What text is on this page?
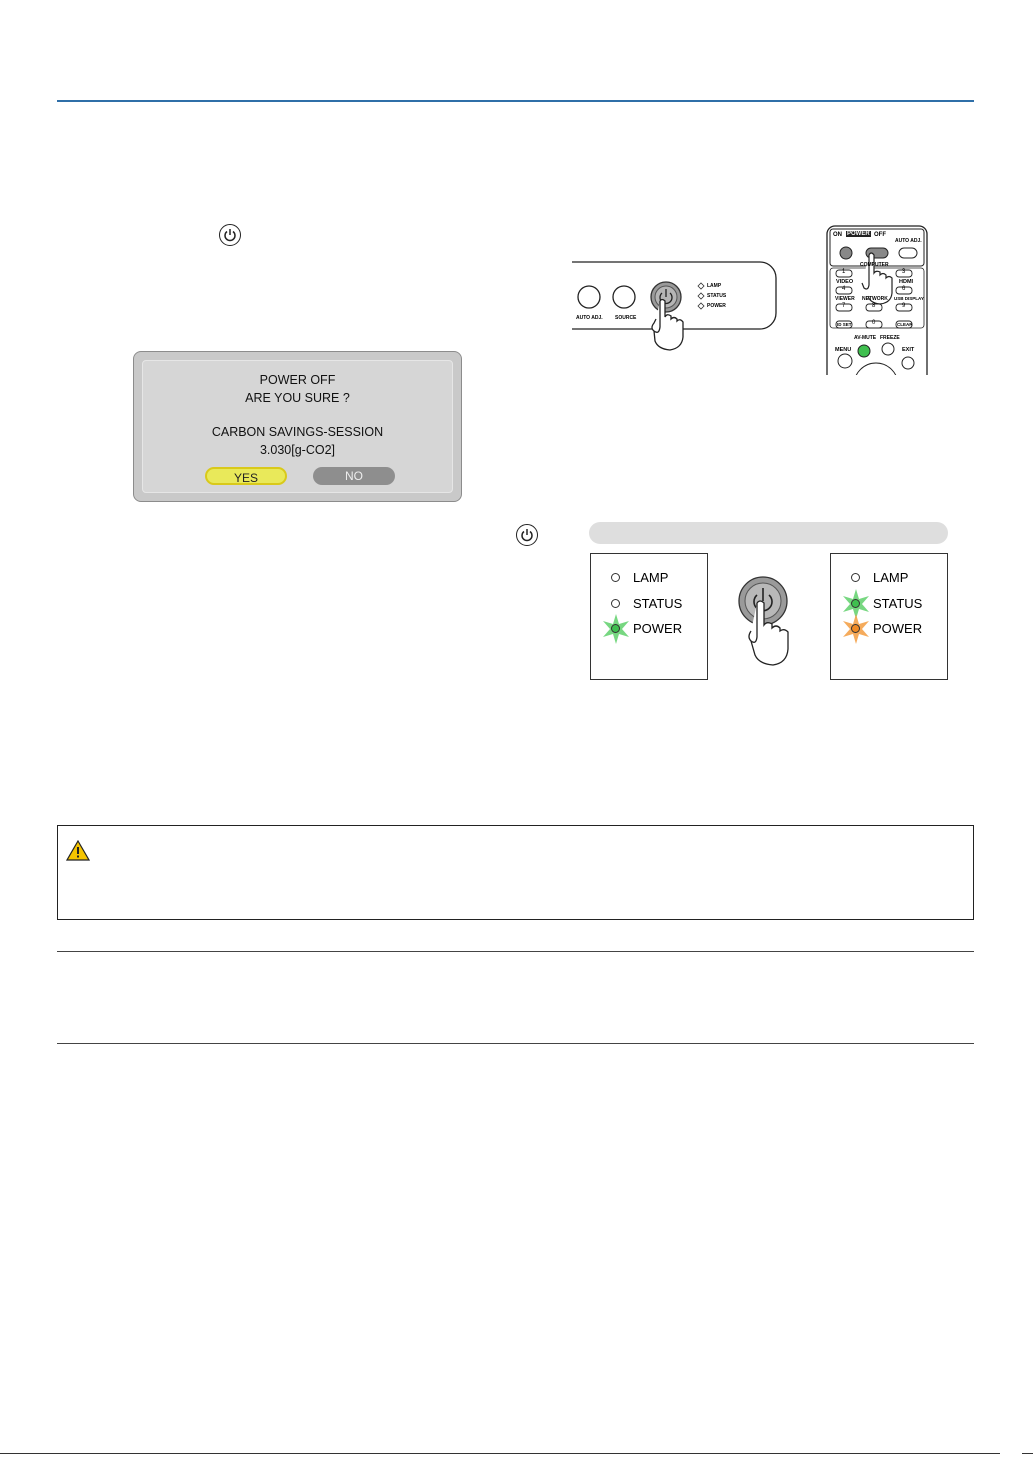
AUTO ADJ. SOURCE
LAMP
STATUS
POWER
ON POWER OFF
AUTO ADJ.
COMPUTER
1	3
VIDEO	HDMI
4	6
VIEWER NETWORK USB DISPLAY
7	8	9
ID SET	0	CLEAR
AV-MUTE FREEZE
MENU	EXIT
POWER OFF
ARE YOU SURE ?
CARBON SAVINGS-SESSION
3.030[g-CO2]
YES	NO
LAMP
STATUS
POWER
LAMP
STATUS
POWER
